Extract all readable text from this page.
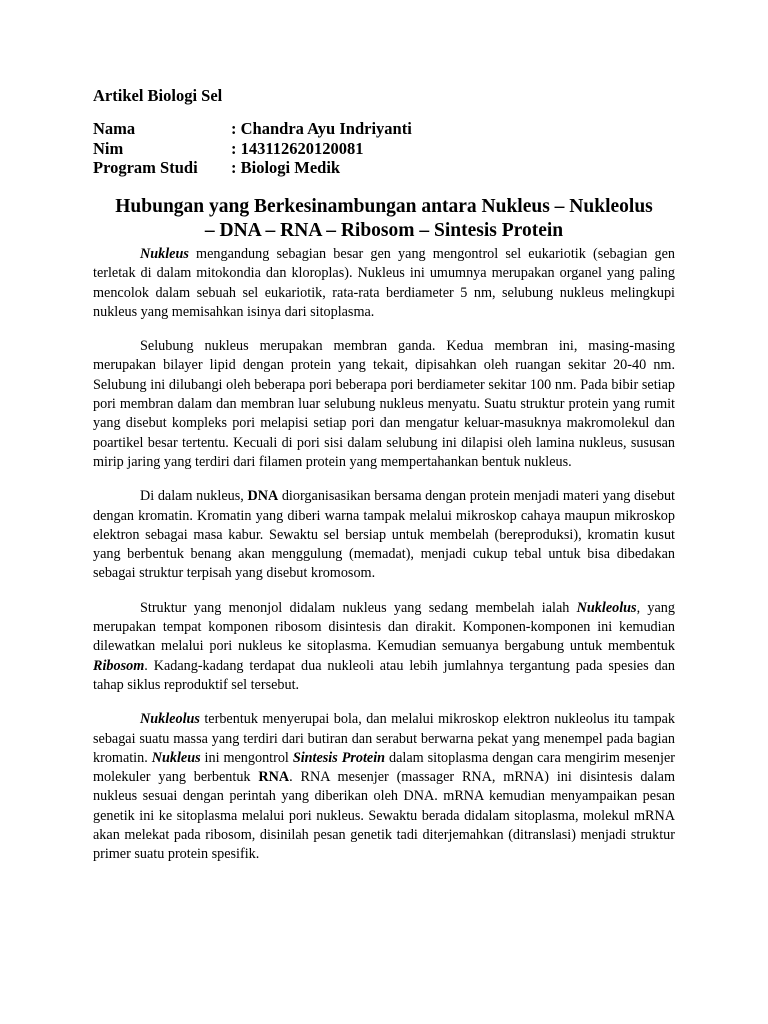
Artikel Biologi Sel

Nama	: Chandra Ayu Indriyanti
Nim	: 143112620120081
Program Studi	: Biologi Medik
Hubungan yang Berkesinambungan antara Nukleus – Nukleolus
– DNA – RNA – Ribosom – Sintesis Protein

Nukleus mengandung sebagian besar gen yang mengontrol sel eukariotik (sebagian gen terletak di dalam mitokondia dan kloroplas). Nukleus ini umumnya merupakan organel yang paling mencolok dalam sebuah sel eukariotik, rata-rata berdiameter 5 nm, selubung nukleus melingkupi nukleus yang memisahkan isinya dari sitoplasma.

Selubung nukleus merupakan membran ganda. Kedua membran ini, masing-masing merupakan bilayer lipid dengan protein yang tekait, dipisahkan oleh ruangan sekitar 20-40 nm. Selubung ini dilubangi oleh beberapa pori beberapa pori berdiameter sekitar 100 nm. Pada bibir setiap pori membran dalam dan membran luar selubung nukleus menyatu. Suatu struktur protein yang rumit yang disebut kompleks pori melapisi setiap pori dan mengatur keluar-masuknya makromolekul dan poartikel besar tertentu. Kecuali di pori sisi dalam selubung ini dilapisi oleh lamina nukleus, sususan mirip jaring yang terdiri dari filamen protein yang mempertahankan bentuk nukleus.

Di dalam nukleus, DNA diorganisasikan bersama dengan protein menjadi materi yang disebut dengan kromatin. Kromatin yang diberi warna tampak melalui mikroskop cahaya maupun mikroskop elektron sebagai masa kabur. Sewaktu sel bersiap untuk membelah (bereproduksi), kromatin kusut yang berbentuk benang akan menggulung (memadat), menjadi cukup tebal untuk bisa dibedakan sebagai struktur terpisah yang disebut kromosom.

Struktur yang menonjol didalam nukleus yang sedang membelah ialah Nukleolus, yang merupakan tempat komponen ribosom disintesis dan dirakit. Komponen-komponen ini kemudian dilewatkan melalui pori nukleus ke sitoplasma. Kemudian semuanya bergabung untuk membentuk Ribosom. Kadang-kadang terdapat dua nukleoli atau lebih jumlahnya tergantung pada spesies dan tahap siklus reproduktif sel tersebut.

Nukleolus terbentuk menyerupai bola, dan melalui mikroskop elektron nukleolus itu tampak sebagai suatu massa yang terdiri dari butiran dan serabut berwarna pekat yang menempel pada bagian kromatin. Nukleus ini mengontrol Sintesis Protein dalam sitoplasma dengan cara mengirim mesenjer molekuler yang berbentuk RNA. RNA mesenjer (massager RNA, mRNA) ini disintesis dalam nukleus sesuai dengan perintah yang diberikan oleh DNA. mRNA kemudian menyampaikan pesan genetik ini ke sitoplasma melalui pori nukleus. Sewaktu berada didalam sitoplasma, molekul mRNA akan melekat pada ribosom, disinilah pesan genetik tadi diterjemahkan (ditranslasi) menjadi struktur primer suatu protein spesifik.
